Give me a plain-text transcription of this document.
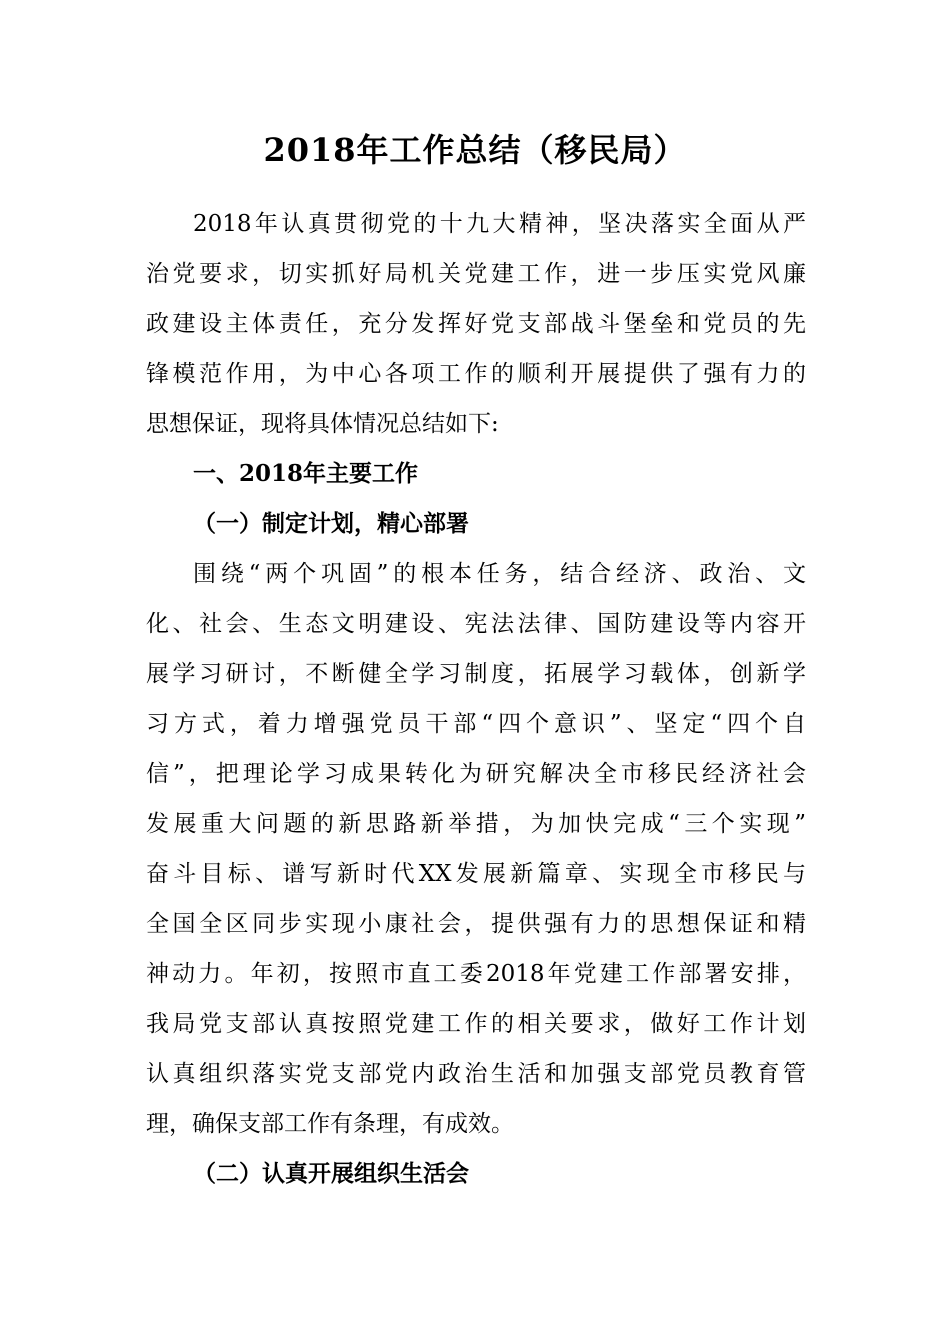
2018年工作总结（移民局）
2018年认真贯彻党的十九大精神，坚决落实全面从严
治党要求，切实抓好局机关党建工作，进一步压实党风廉
政建设主体责任，充分发挥好党支部战斗堡垒和党员的先
锋模范作用，为中心各项工作的顺利开展提供了强有力的
思想保证，现将具体情况总结如下:
一、2018年主要工作
（一）制定计划，精心部署
围绕“两个巩固”的根本任务，结合经济、政治、文
化、社会、生态文明建设、宪法法律、国防建设等内容开
展学习研讨，不断健全学习制度，拓展学习载体，创新学
习方式，着力增强党员干部“四个意识”、坚定“四个自
信”，把理论学习成果转化为研究解决全市移民经济社会
发展重大问题的新思路新举措，为加快完成“三个实现”
奋斗目标、谱写新时代XX发展新篇章、实现全市移民与
全国全区同步实现小康社会，提供强有力的思想保证和精
神动力。年初，按照市直工委2018年党建工作部署安排，
我局党支部认真按照党建工作的相关要求，做好工作计划
认真组织落实党支部党内政治生活和加强支部党员教育管
理，确保支部工作有条理，有成效。
（二）认真开展组织生活会
